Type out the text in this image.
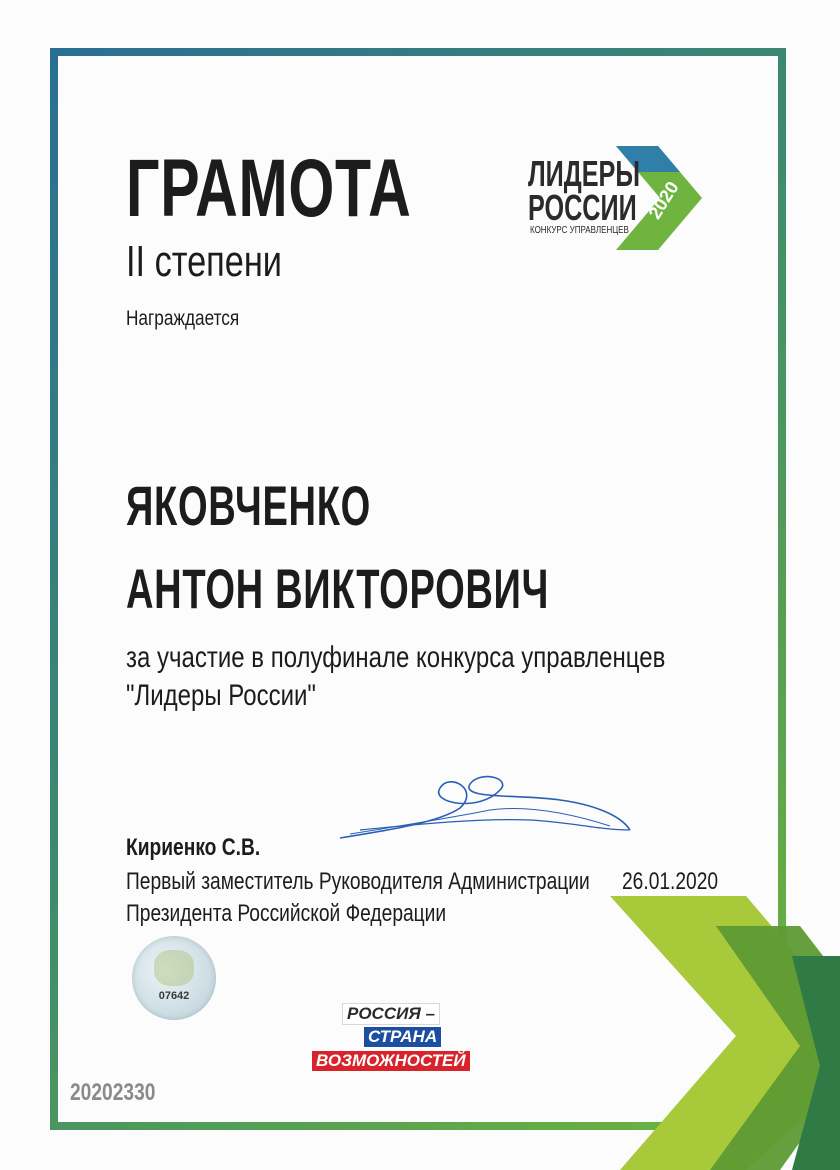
ГРАМОТА
II степени
Награждается
ЛИДЕРЫ
РОССИИ
КОНКУРС УПРАВЛЕНЦЕВ
2020
ЯКОВЧЕНКО
АНТОН ВИКТОРОВИЧ
за участие в полуфинале конкурса управленцев
"Лидеры России"
Кириенко С.В.
Первый заместитель Руководителя Администрации
Президента Российской Федерации
26.01.2020
07642
РОССИЯ –
СТРАНА
ВОЗМОЖНОСТЕЙ
20202330
